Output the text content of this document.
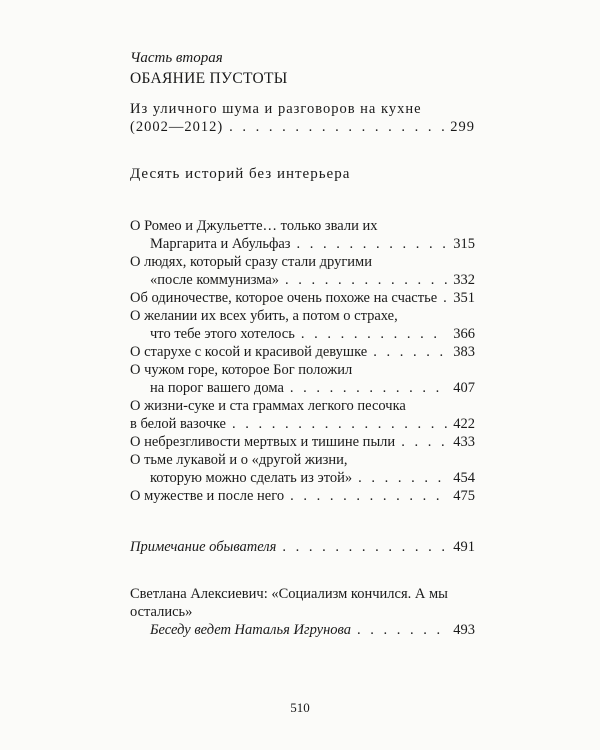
Часть вторая
ОБАЯНИЕ ПУСТОТЫ
Из уличного шума и разговоров на кухне
(2002—2012) . . .	299
Десять историй без интерьера
О Ромео и Джульетте… только звали их
Маргарита и Абульфаз . . .	315
О людях, который сразу стали другими
«после коммунизма» . . .	332
Об одиночестве, которое очень похоже на счастье . . . 351
О желании их всех убить, а потом о страхе,
что тебе этого хотелось . . .	366
О старухе с косой и красивой девушке . . .	383
О чужом горе, которое Бог положил
на порог вашего дома . . .	407
О жизни-суке и ста граммах легкого песочка
в белой вазочке . . .	422
О небрезгливости мертвых и тишине пыли . . .	433
О тьме лукавой и о «другой жизни,
которую можно сделать из этой» . . .	454
О мужестве и после него . . .	475
Примечание обывателя . . .	491
Светлана Алексиевич: «Социализм кончился. А мы
остались»
Беседу ведет Наталья Игрунова . . .	493
510
